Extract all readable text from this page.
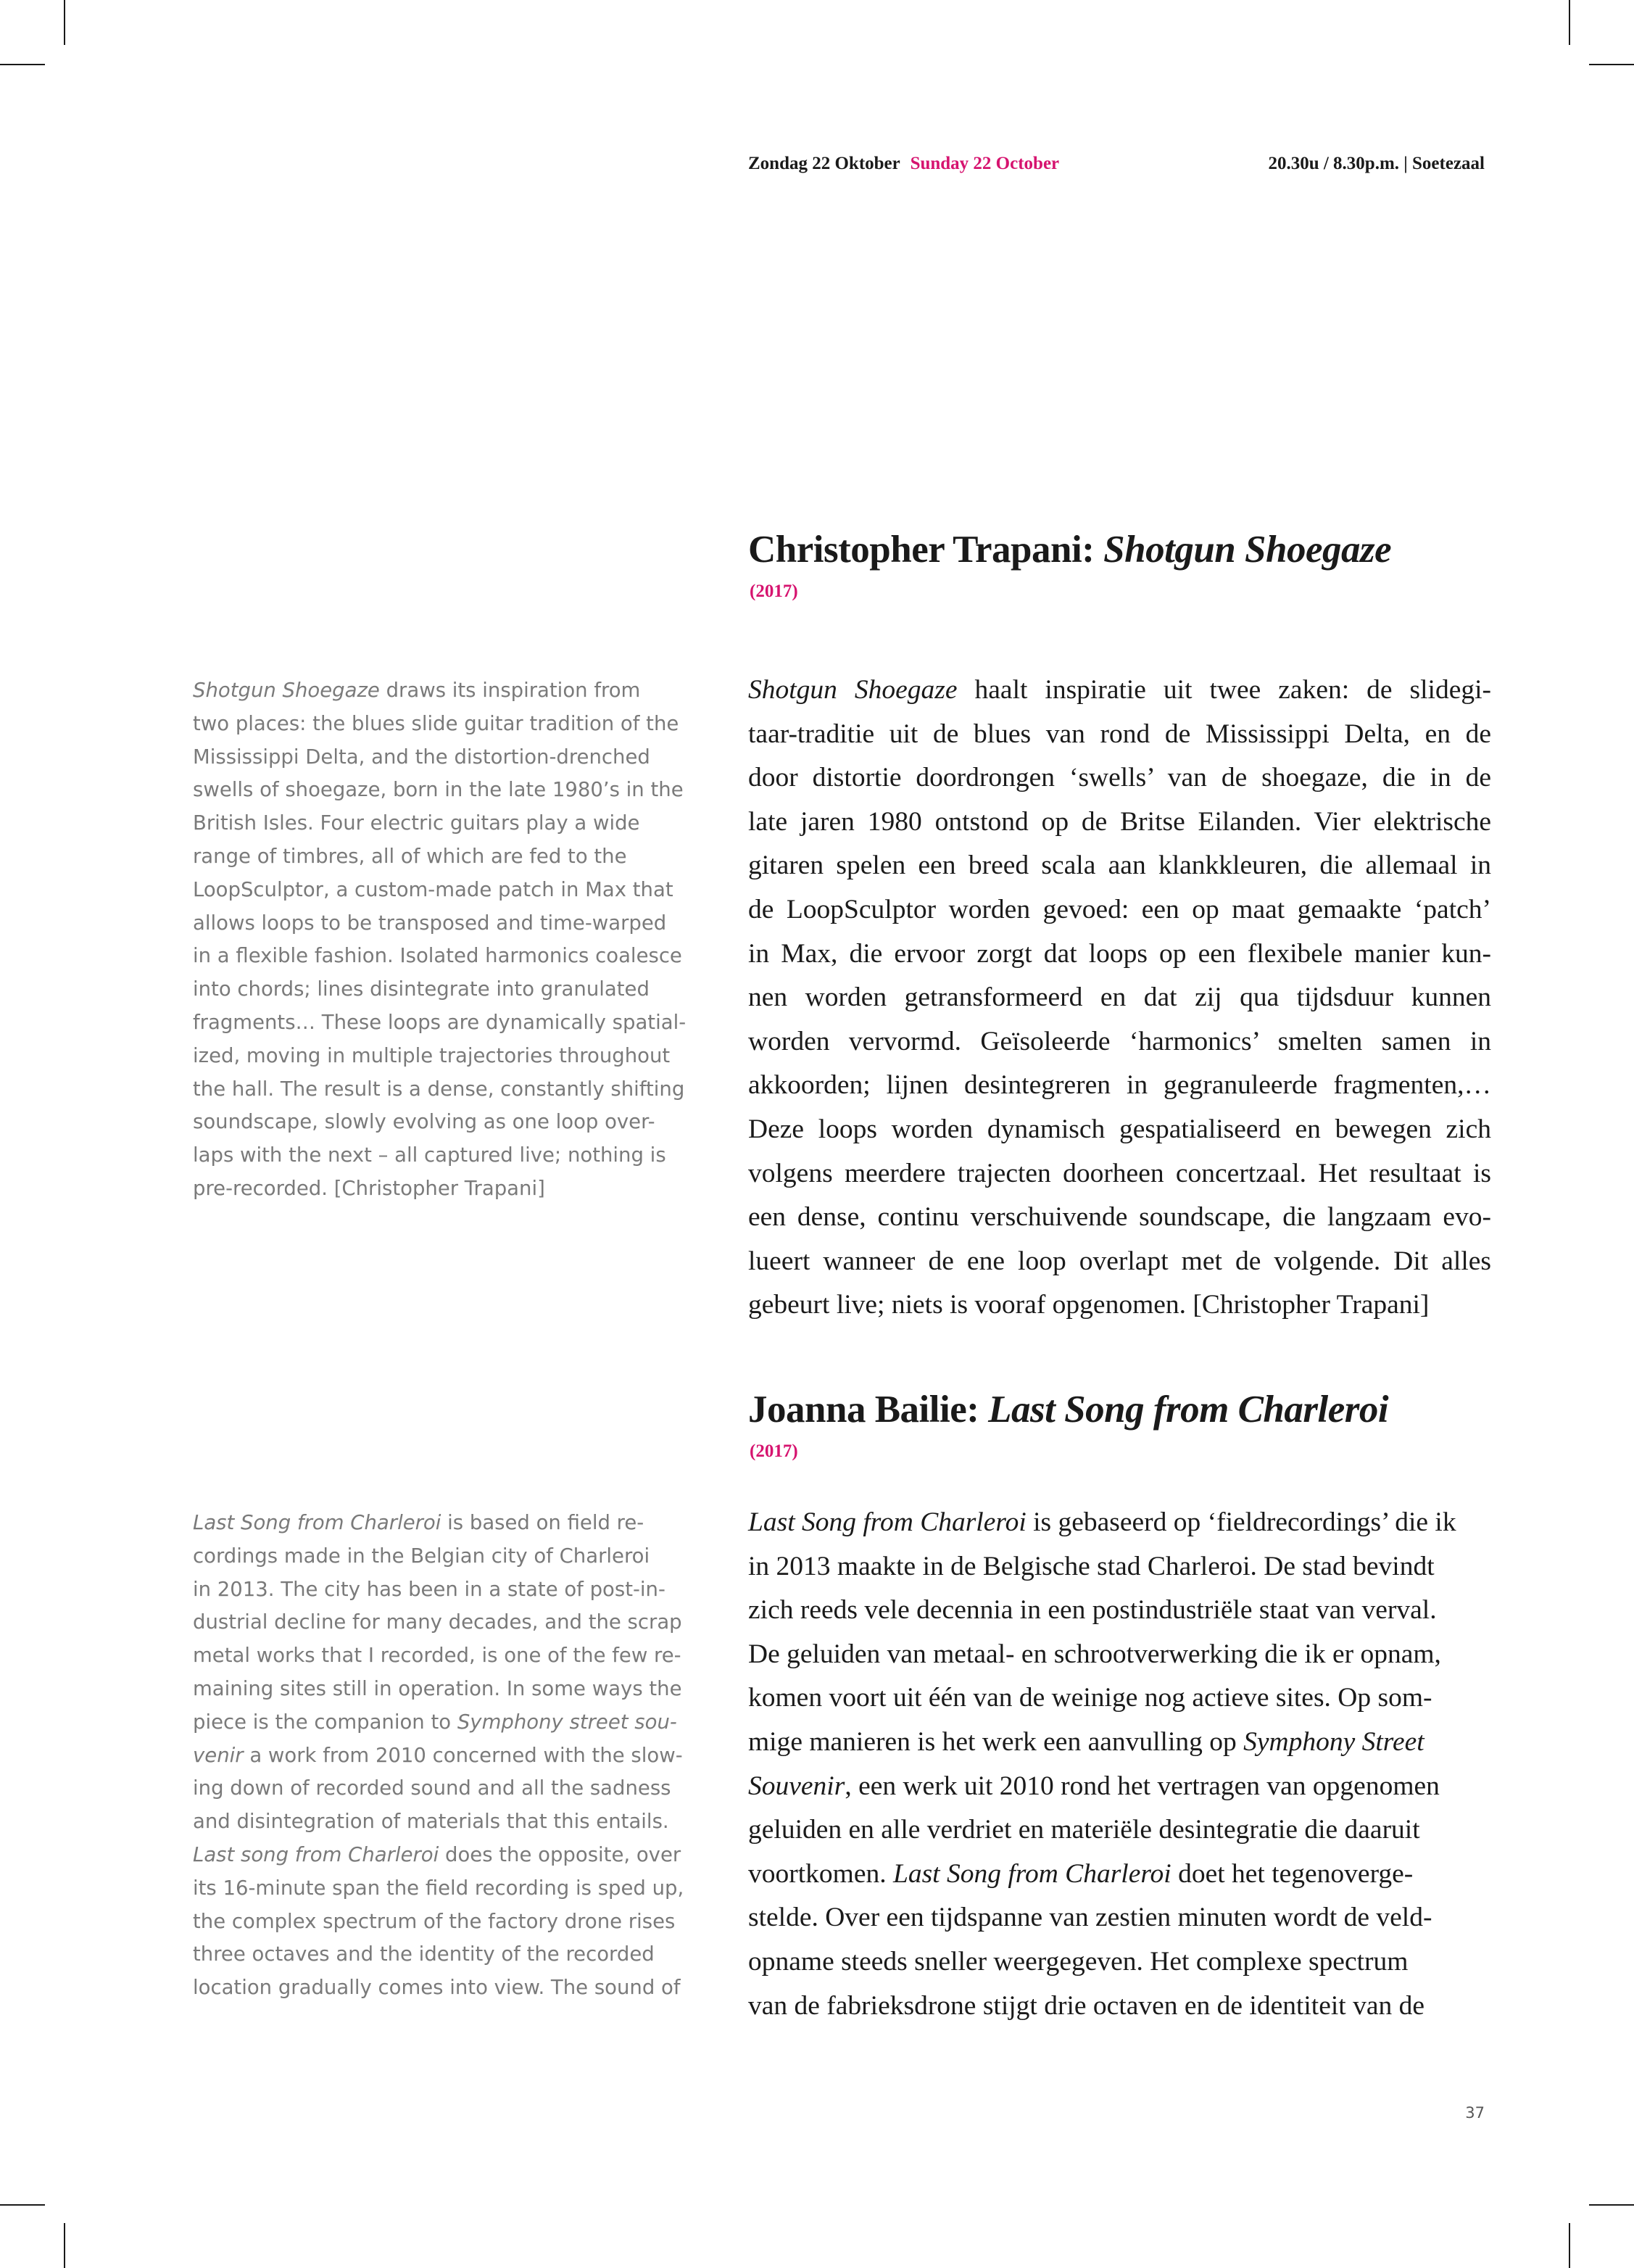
Zondag 22 Oktober Sunday 22 October	20.30u / 8.30p.m. | Soetezaal
Christopher Trapani: Shotgun Shoegaze
(2017)
Shotgun Shoegaze draws its inspiration from
two places: the blues slide guitar tradition of the
Mississippi Delta, and the distortion-drenched
swells of shoegaze, born in the late 1980’s in the
British Isles. Four electric guitars play a wide
range of timbres, all of which are fed to the
LoopSculptor, a custom-made patch in Max that
allows loops to be transposed and time-warped
in a flexible fashion. Isolated harmonics coalesce
into chords; lines disintegrate into granulated
fragments… These loops are dynamically spatial-
ized, moving in multiple trajectories throughout
the hall. The result is a dense, constantly shifting
soundscape, slowly evolving as one loop over-
laps with the next – all captured live; nothing is
pre-recorded. [Christopher Trapani]
Shotgun Shoegaze haalt inspiratie uit twee zaken: de slidegi-
taar-traditie uit de blues van rond de Mississippi Delta, en de
door distortie doordrongen ‘swells’ van de shoegaze, die in de
late jaren 1980 ontstond op de Britse Eilanden. Vier elektrische
gitaren spelen een breed scala aan klankkleuren, die allemaal in
de LoopSculptor worden gevoed: een op maat gemaakte ‘patch’
in Max, die ervoor zorgt dat loops op een flexibele manier kun-
nen worden getransformeerd en dat zij qua tijdsduur kunnen
worden vervormd. Geïsoleerde ‘harmonics’ smelten samen in
akkoorden; lijnen desintegreren in gegranuleerde fragmenten,…
Deze loops worden dynamisch gespatialiseerd en bewegen zich
volgens meerdere trajecten doorheen concertzaal. Het resultaat is
een dense, continu verschuivende soundscape, die langzaam evo-
lueert wanneer de ene loop overlapt met de volgende. Dit alles
gebeurt live; niets is vooraf opgenomen. [Christopher Trapani]
Joanna Bailie: Last Song from Charleroi
(2017)
Last Song from Charleroi is based on field re-
cordings made in the Belgian city of Charleroi
in 2013. The city has been in a state of post-in-
dustrial decline for many decades, and the scrap
metal works that I recorded, is one of the few re-
maining sites still in operation. In some ways the
piece is the companion to Symphony street sou-
venir a work from 2010 concerned with the slow-
ing down of recorded sound and all the sadness
and disintegration of materials that this entails.
Last song from Charleroi does the opposite, over
its 16-minute span the field recording is sped up,
the complex spectrum of the factory drone rises
three octaves and the identity of the recorded
location gradually comes into view. The sound of
Last Song from Charleroi is gebaseerd op ‘fieldrecordings’ die ik
in 2013 maakte in de Belgische stad Charleroi. De stad bevindt
zich reeds vele decennia in een postindustriële staat van verval.
De geluiden van metaal- en schrootverwerking die ik er opnam,
komen voort uit één van de weinige nog actieve sites. Op som-
mige manieren is het werk een aanvulling op Symphony Street
Souvenir, een werk uit 2010 rond het vertragen van opgenomen
geluiden en alle verdriet en materiële desintegratie die daaruit
voortkomen. Last Song from Charleroi doet het tegenoverge-
stelde. Over een tijdspanne van zestien minuten wordt de veld-
opname steeds sneller weergegeven. Het complexe spectrum
van de fabrieksdrone stijgt drie octaven en de identiteit van de
37
